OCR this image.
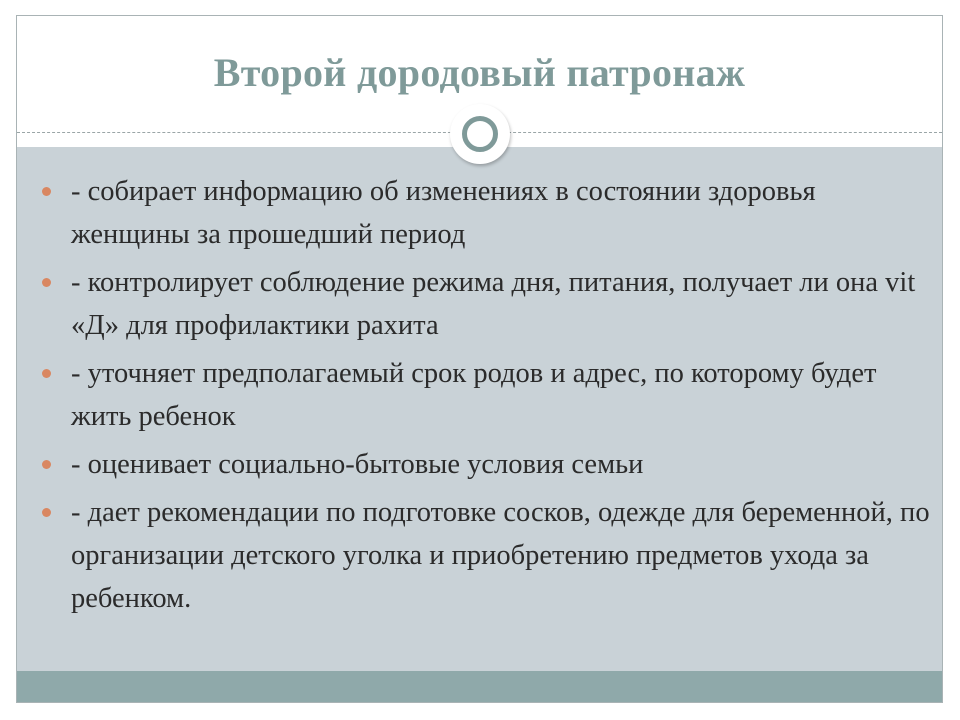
Второй дородовый патронаж
- собирает информацию об изменениях в состоянии здоровья женщины за прошедший период
- контролирует соблюдение режима дня, питания, получает ли она vit «Д» для профилактики рахита
- уточняет предполагаемый срок родов и адрес, по которому будет жить ребенок
- оценивает социально-бытовые условия семьи
- дает рекомендации по подготовке сосков, одежде для беременной, по организации детского уголка и приобретению предметов ухода за ребенком.
